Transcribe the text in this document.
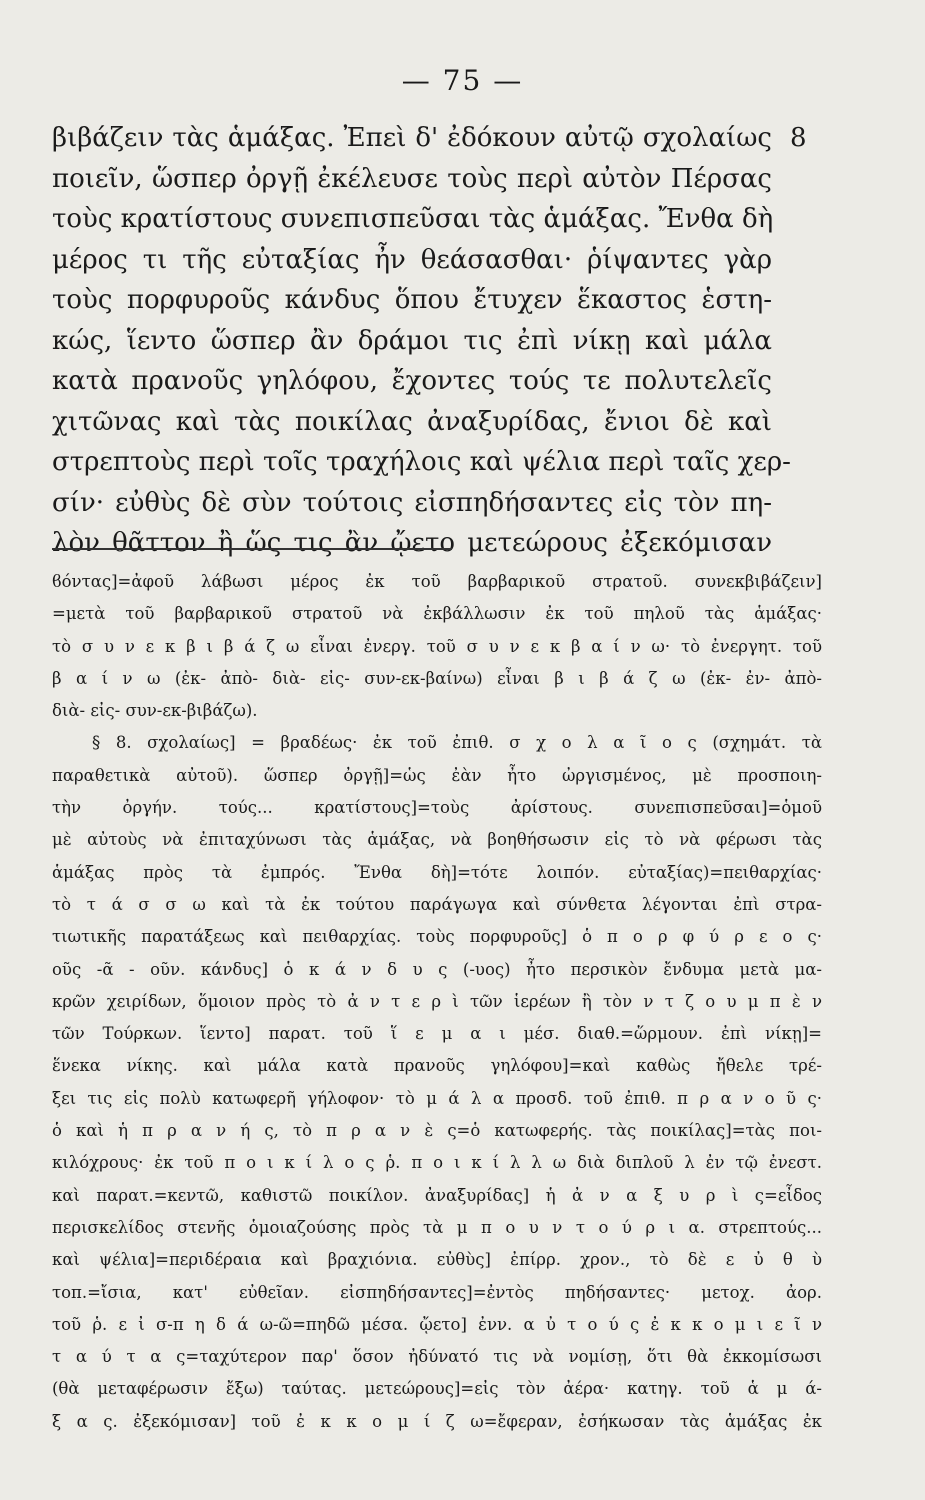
— 75 —
8
βιβάζειν τὰς ἁμάξας. Ἐπεὶ δ' ἐδόκουν αὐτῷ σχολαίως
ποιεῖν, ὥσπερ ὀργῇ ἐκέλευσε τοὺς περὶ αὐτὸν Πέρσας
τοὺς κρατίστους συνεπισπεῦσαι τὰς ἁμάξας. Ἔνθα δὴ
μέρος τι τῆς εὐταξίας ἦν θεάσασθαι· ῥίψαντες γὰρ
τοὺς πορφυροῦς κάνδυς ὅπου ἔτυχεν ἕκαστος ἑστη-
κώς, ἵεντο ὥσπερ ἂν δράμοι τις ἐπὶ νίκῃ καὶ μάλα
κατὰ πρανοῦς γηλόφου, ἔχοντες τούς τε πολυτελεῖς
χιτῶνας καὶ τὰς ποικίλας ἀναξυρίδας, ἔνιοι δὲ καὶ
στρεπτοὺς περὶ τοῖς τραχήλοις καὶ ψέλια περὶ ταῖς χερ-
σίν· εὐθὺς δὲ σὺν τούτοις εἰσπηδήσαντες εἰς τὸν πη-
λὸν θᾶττον ἢ ὥς τις ἂν ᾤετο μετεώρους ἐξεκόμισαν
ϐόντας]=ἀφοῦ λάβωσι μέρος ἐκ τοῦ βαρβαρικοῦ στρατοῦ. συνεκβιβάζειν]
=μετὰ τοῦ βαρβαρικοῦ στρατοῦ νὰ ἐκβάλλωσιν ἐκ τοῦ πηλοῦ τὰς ἁμάξας·
τὸ σ υ ν ε κ β ι β ά ζ ω εἶναι ἐνεργ. τοῦ σ υ ν ε κ β α ί ν ω· τὸ ἐνεργητ. τοῦ
β α ί ν ω (ἐκ- ἀπὸ- διὰ- εἰς- συν-εκ-βαίνω) εἶναι β ι β ά ζ ω (ἐκ- ἐν- ἀπὸ-
διὰ- εἰς- συν-εκ-βιβάζω).
§ 8. σχολαίως] = βραδέως· ἐκ τοῦ ἐπιθ. σ χ ο λ α ῖ ο ς (σχημάτ. τὰ
παραθετικὰ αὐτοῦ). ὥσπερ ὀργῇ]=ὡς ἐὰν ἦτο ὠργισμένος, μὲ προσποιη-
τὴν ὀργήν. τούς... κρατίστους]=τοὺς ἀρίστους. συνεπισπεῦσαι]=ὁμοῦ
μὲ αὐτοὺς νὰ ἐπιταχύνωσι τὰς ἁμάξας, νὰ βοηθήσωσιν εἰς τὸ νὰ φέρωσι τὰς
ἁμάξας πρὸς τὰ ἐμπρός. Ἔνθα δὴ]=τότε λοιπόν. εὐταξίας)=πειθαρχίας·
τὸ τ ά σ σ ω καὶ τὰ ἐκ τούτου παράγωγα καὶ σύνθετα λέγονται ἐπὶ στρα-
τιωτικῆς παρατάξεως καὶ πειθαρχίας. τοὺς πορφυροῦς] ὁ π ο ρ φ ύ ρ ε ο ς·
οῦς -ᾶ - οῦν. κάνδυς] ὁ κ ά ν δ υ ς (-υος) ἦτο περσικὸν ἔνδυμα μετὰ μα-
κρῶν χειρίδων, ὅμοιον πρὸς τὸ ἀ ν τ ε ρ ὶ τῶν ἱερέων ἢ τὸν ν τ ζ ο υ μ π ὲ ν
τῶν Τούρκων. ἵεντο] παρατ. τοῦ ἵ ε μ α ι μέσ. διαθ.=ὥρμουν. ἐπὶ νίκῃ]=
ἕνεκα νίκης. καὶ μάλα κατὰ πρανοῦς γηλόφου]=καὶ καθὼς ἤθελε τρέ-
ξει τις εἰς πολὺ κατωφερῆ γήλοφον· τὸ μ ά λ α προσδ. τοῦ ἐπιθ. π ρ α ν ο ῦ ς·
ὁ καὶ ἡ π ρ α ν ή ς, τὸ π ρ α ν ὲ ς=ὁ κατωφερής. τὰς ποικίλας]=τὰς ποι-
κιλόχρους· ἐκ τοῦ π ο ι κ ί λ ο ς ῥ. π ο ι κ ί λ λ ω διὰ διπλοῦ λ ἐν τῷ ἐνεστ.
καὶ παρατ.=κεντῶ, καθιστῶ ποικίλον. ἀναξυρίδας] ἡ ἀ ν α ξ υ ρ ὶ ς=εἶδος
περισκελίδος στενῆς ὁμοιαζούσης πρὸς τὰ μ π ο υ ν τ ο ύ ρ ι α. στρεπτούς...
καὶ ψέλια]=περιδέραια καὶ βραχιόνια. εὐθὺς] ἐπίρρ. χρον., τὸ δὲ ε ὐ θ ὺ
τοπ.=ἴσια, κατ' εὐθεῖαν. εἰσπηδήσαντες]=ἐντὸς πηδήσαντες· μετοχ. ἀορ.
τοῦ ῥ. ε ἰ σ-π η δ ά ω-ῶ=πηδῶ μέσα. ᾤετο] ἐνν. α ὐ τ ο ύ ς ἐ κ κ ο μ ι ε ῖ ν
τ α ύ τ α ς=ταχύτερον παρ' ὅσον ἠδύνατό τις νὰ νομίσῃ, ὅτι θὰ ἐκκομίσωσι
(θὰ μεταφέρωσιν ἔξω) ταύτας. μετεώρους]=εἰς τὸν ἀέρα· κατηγ. τοῦ ἁ μ ά-
ξ α ς. ἐξεκόμισαν] τοῦ ἐ κ κ ο μ ί ζ ω=ἔφεραν, ἐσήκωσαν τὰς ἁμάξας ἐκ
